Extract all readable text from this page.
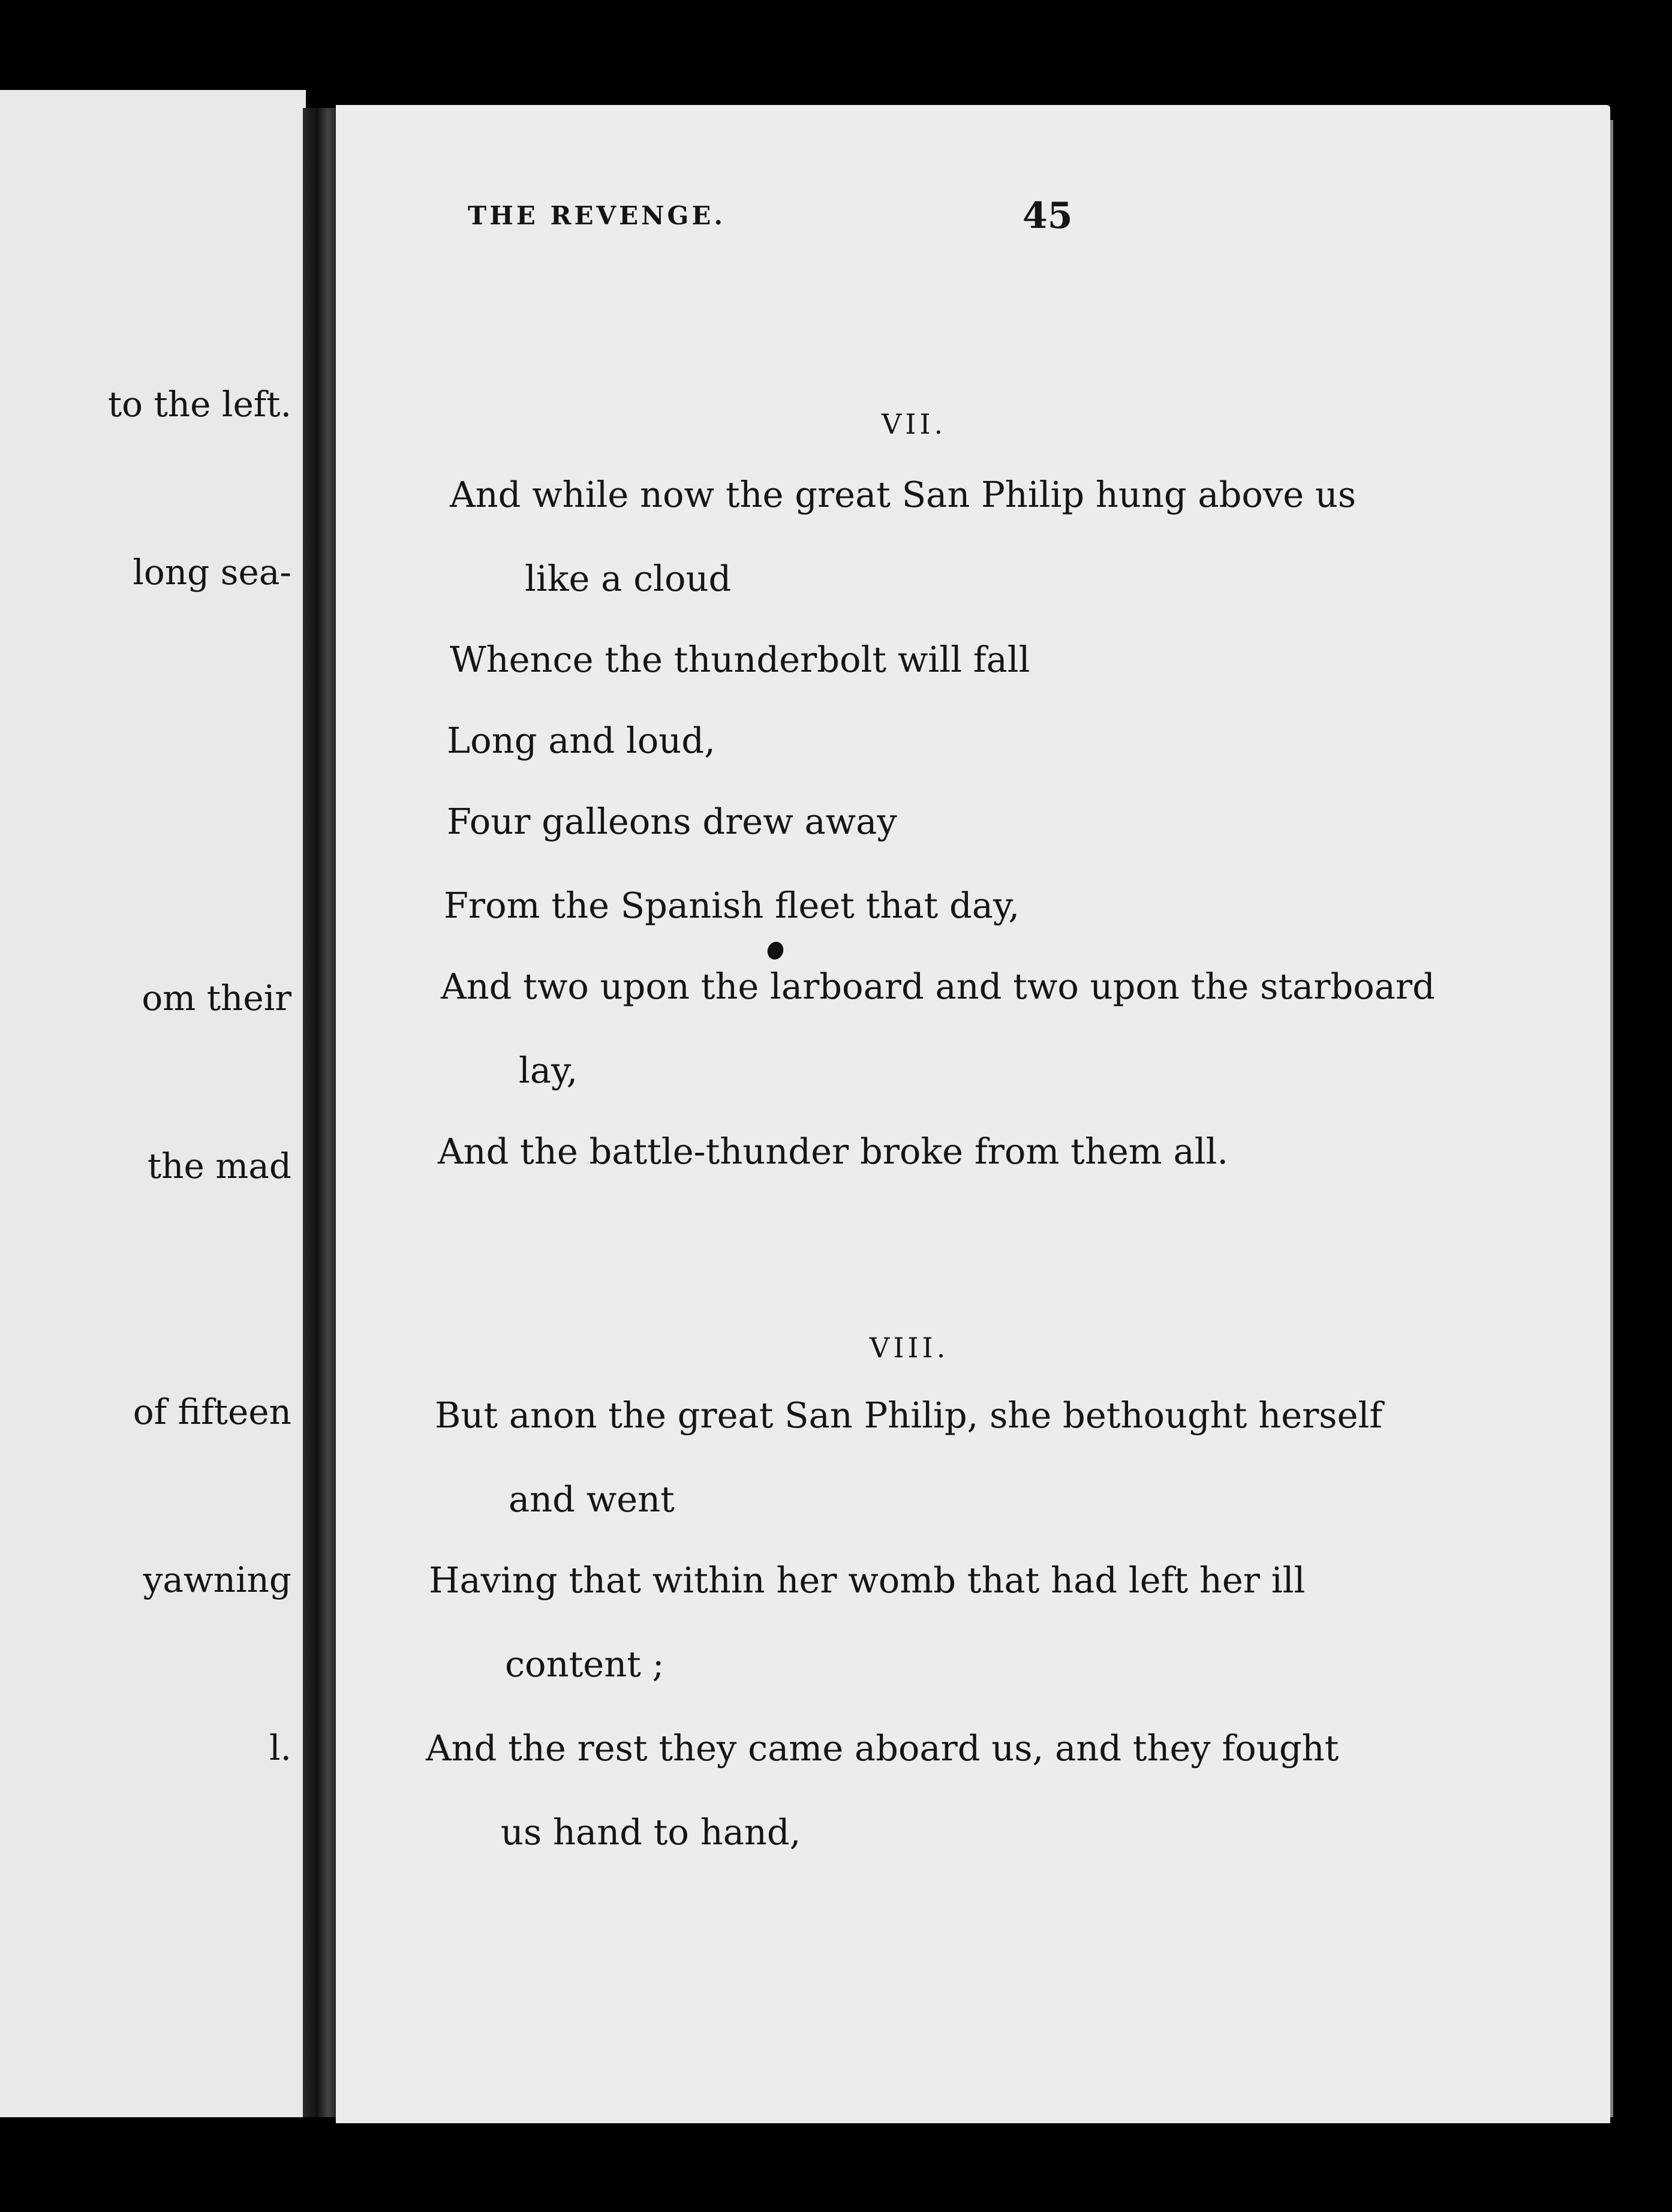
to the left.
long sea-
om their
the mad
of fifteen
yawning
l.
THE REVENGE.	45
VII.
And while now the great San Philip hung above us
like a cloud
Whence the thunderbolt will fall
Long and loud,
Four galleons drew away
From the Spanish fleet that day,
And two upon the larboard and two upon the starboard
lay,
And the battle-thunder broke from them all.
VIII.
But anon the great San Philip, she bethought herself
and went
Having that within her womb that had left her ill
content ;
And the rest they came aboard us, and they fought
us hand to hand,
